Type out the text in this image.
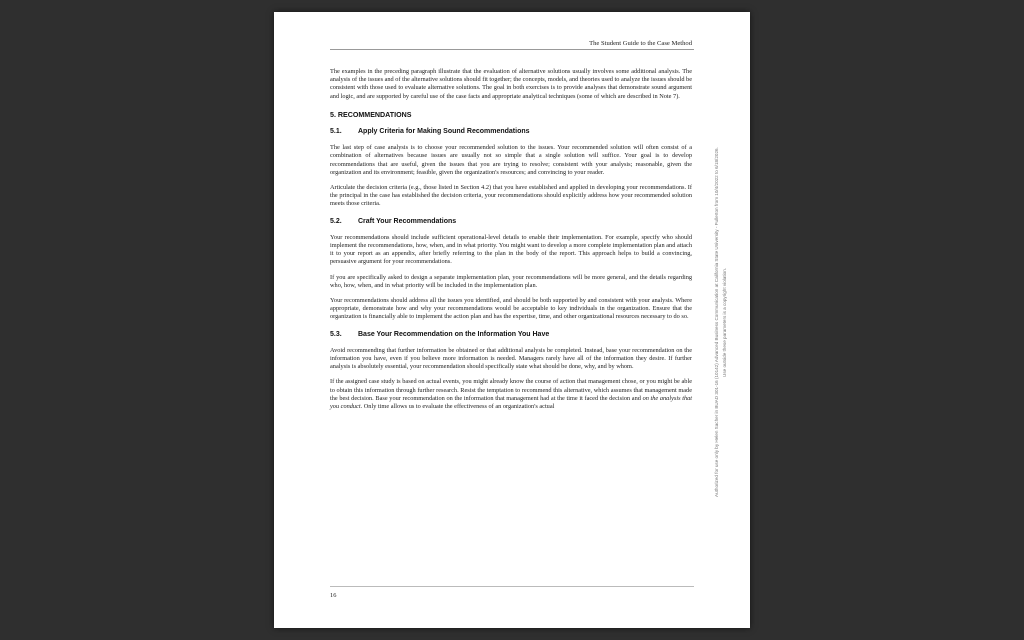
The Student Guide to the Case Method

The examples in the preceding paragraph illustrate that the evaluation of alternative solutions usually involves some additional analysis. The analysis of the issues and of the alternative solutions should fit together; the concepts, models, and theories used to analyze the issues should be consistent with those used to evaluate alternative solutions. The goal in both exercises is to provide analyses that demonstrate sound argument and logic, and are supported by careful use of the case facts and appropriate analytical techniques (some of which are described in Note 7).

5. RECOMMENDATIONS
5.1.	Apply Criteria for Making Sound Recommendations

The last step of case analysis is to choose your recommended solution to the issues. Your recommended solution will often consist of a combination of alternatives because issues are usually not so simple that a single solution will suffice. Your goal is to develop recommendations that are useful, given the issues that you are trying to resolve; consistent with your analysis; reasonable, given the organization and its environment; feasible, given the organization's resources; and convincing to your reader.

Articulate the decision criteria (e.g., those listed in Section 4.2) that you have established and applied in developing your recommendations. If the principal in the case has established the decision criteria, your recommendations should explicitly address how your recommended solution meets those criteria.

5.2.	Craft Your Recommendations

Your recommendations should include sufficient operational-level details to enable their implementation. For example, specify who should implement the recommendations, how, when, and in what priority. You might want to develop a more complete implementation plan and attach it to your report as an appendix, after briefly referring to the plan in the body of the report. This approach helps to build a convincing, persuasive argument for your recommendations.

If you are specifically asked to design a separate implementation plan, your recommendations will be more general, and the details regarding who, how, when, and in what priority will be included in the implementation plan.

Your recommendations should address all the issues you identified, and should be both supported by and consistent with your analysis. Where appropriate, demonstrate how and why your recommendations would be acceptable to key individuals in the organization. Ensure that the organization is financially able to implement the action plan and has the expertise, time, and other organizational resources necessary to do so.

5.3.	Base Your Recommendation on the Information You Have

Avoid recommending that further information be obtained or that additional analysis be completed. Instead, base your recommendation on the information you have, even if you believe more information is needed. Managers rarely have all of the information they desire. If further analysis is absolutely essential, your recommendation should specifically state what should be done, why, and by whom.

If the assigned case study is based on actual events, you might already know the course of action that management chose, or you might be able to obtain this information through further research. Resist the temptation to recommend this alternative, which assumes that management made the best decision. Base your recommendation on the information that management had at the time it faced the decision and on the analysis that you conduct. Only time allows us to evaluate the effectiveness of an organization's actual

16
Authorized for use only by Helen Sacher in BUAD 301-16 (10142) Advanced Business Communication at California State University - Fullerton from 10/4/2022 to 6/18/2026. Use outside these parameters is a copyright violation.
